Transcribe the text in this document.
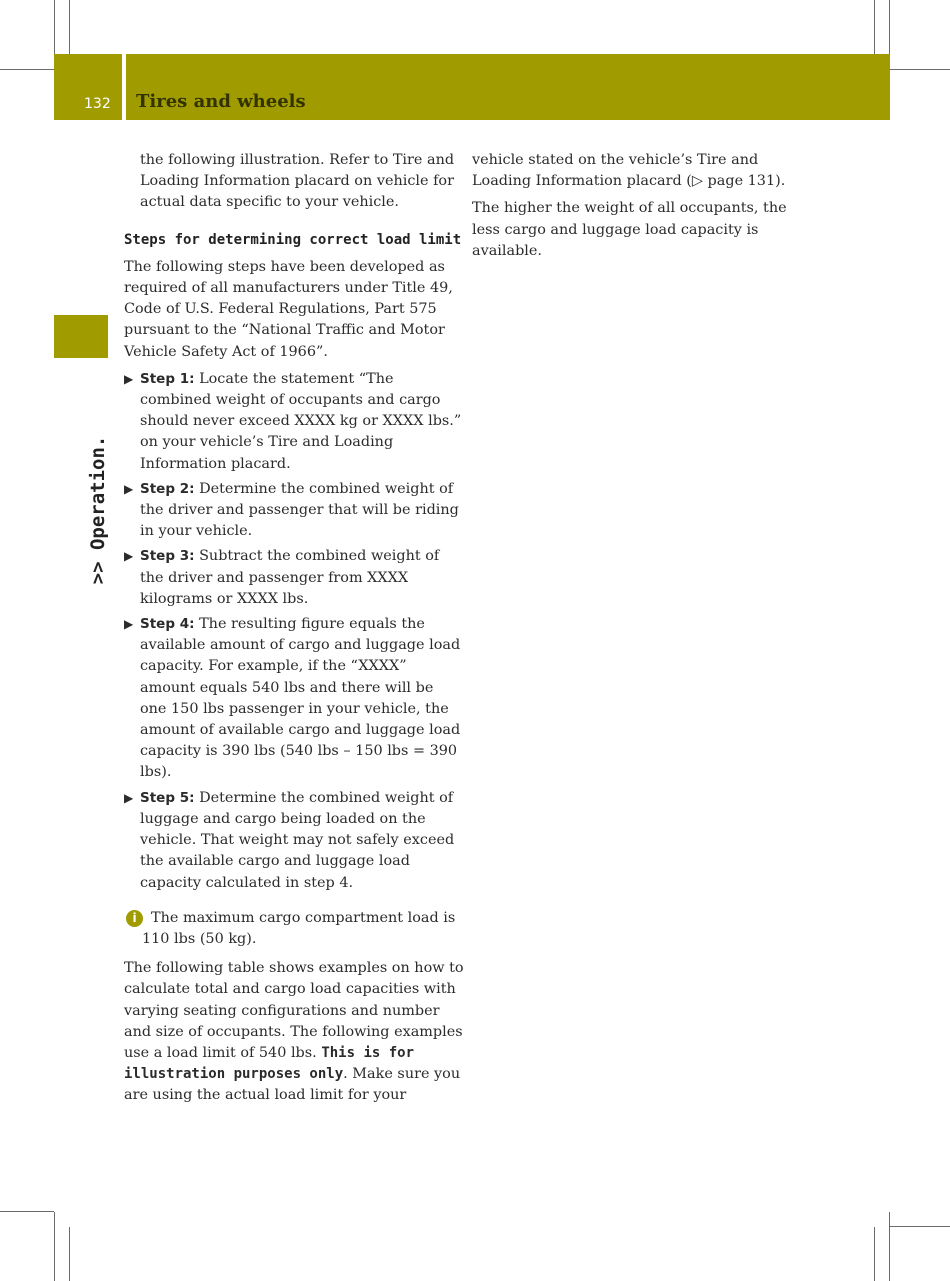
132 Tires and wheels
>> Operation.

the following illustration. Refer to Tire and Loading Information placard on vehicle for actual data specific to your vehicle.

Steps for determining correct load limit

The following steps have been developed as required of all manufacturers under Title 49, Code of U.S. Federal Regulations, Part 575 pursuant to the “National Traffic and Motor Vehicle Safety Act of 1966”.

▶ Step 1: Locate the statement “The combined weight of occupants and cargo should never exceed XXXX kg or XXXX lbs.” on your vehicle’s Tire and Loading Information placard.
▶ Step 2: Determine the combined weight of the driver and passenger that will be riding in your vehicle.
▶ Step 3: Subtract the combined weight of the driver and passenger from XXXX kilograms or XXXX lbs.
▶ Step 4: The resulting figure equals the available amount of cargo and luggage load capacity. For example, if the “XXXX” amount equals 540 lbs and there will be one 150 lbs passenger in your vehicle, the amount of available cargo and luggage load capacity is 390 lbs (540 lbs – 150 lbs = 390 lbs).
▶ Step 5: Determine the combined weight of luggage and cargo being loaded on the vehicle. That weight may not safely exceed the available cargo and luggage load capacity calculated in step 4.
i	The maximum cargo compartment load is 110 lbs (50 kg).

The following table shows examples on how to calculate total and cargo load capacities with varying seating configurations and number and size of occupants. The following examples use a load limit of 540 lbs. This is for illustration purposes only. Make sure you are using the actual load limit for your

vehicle stated on the vehicle’s Tire and Loading Information placard (▷ page 131).

The higher the weight of all occupants, the less cargo and luggage load capacity is available.
